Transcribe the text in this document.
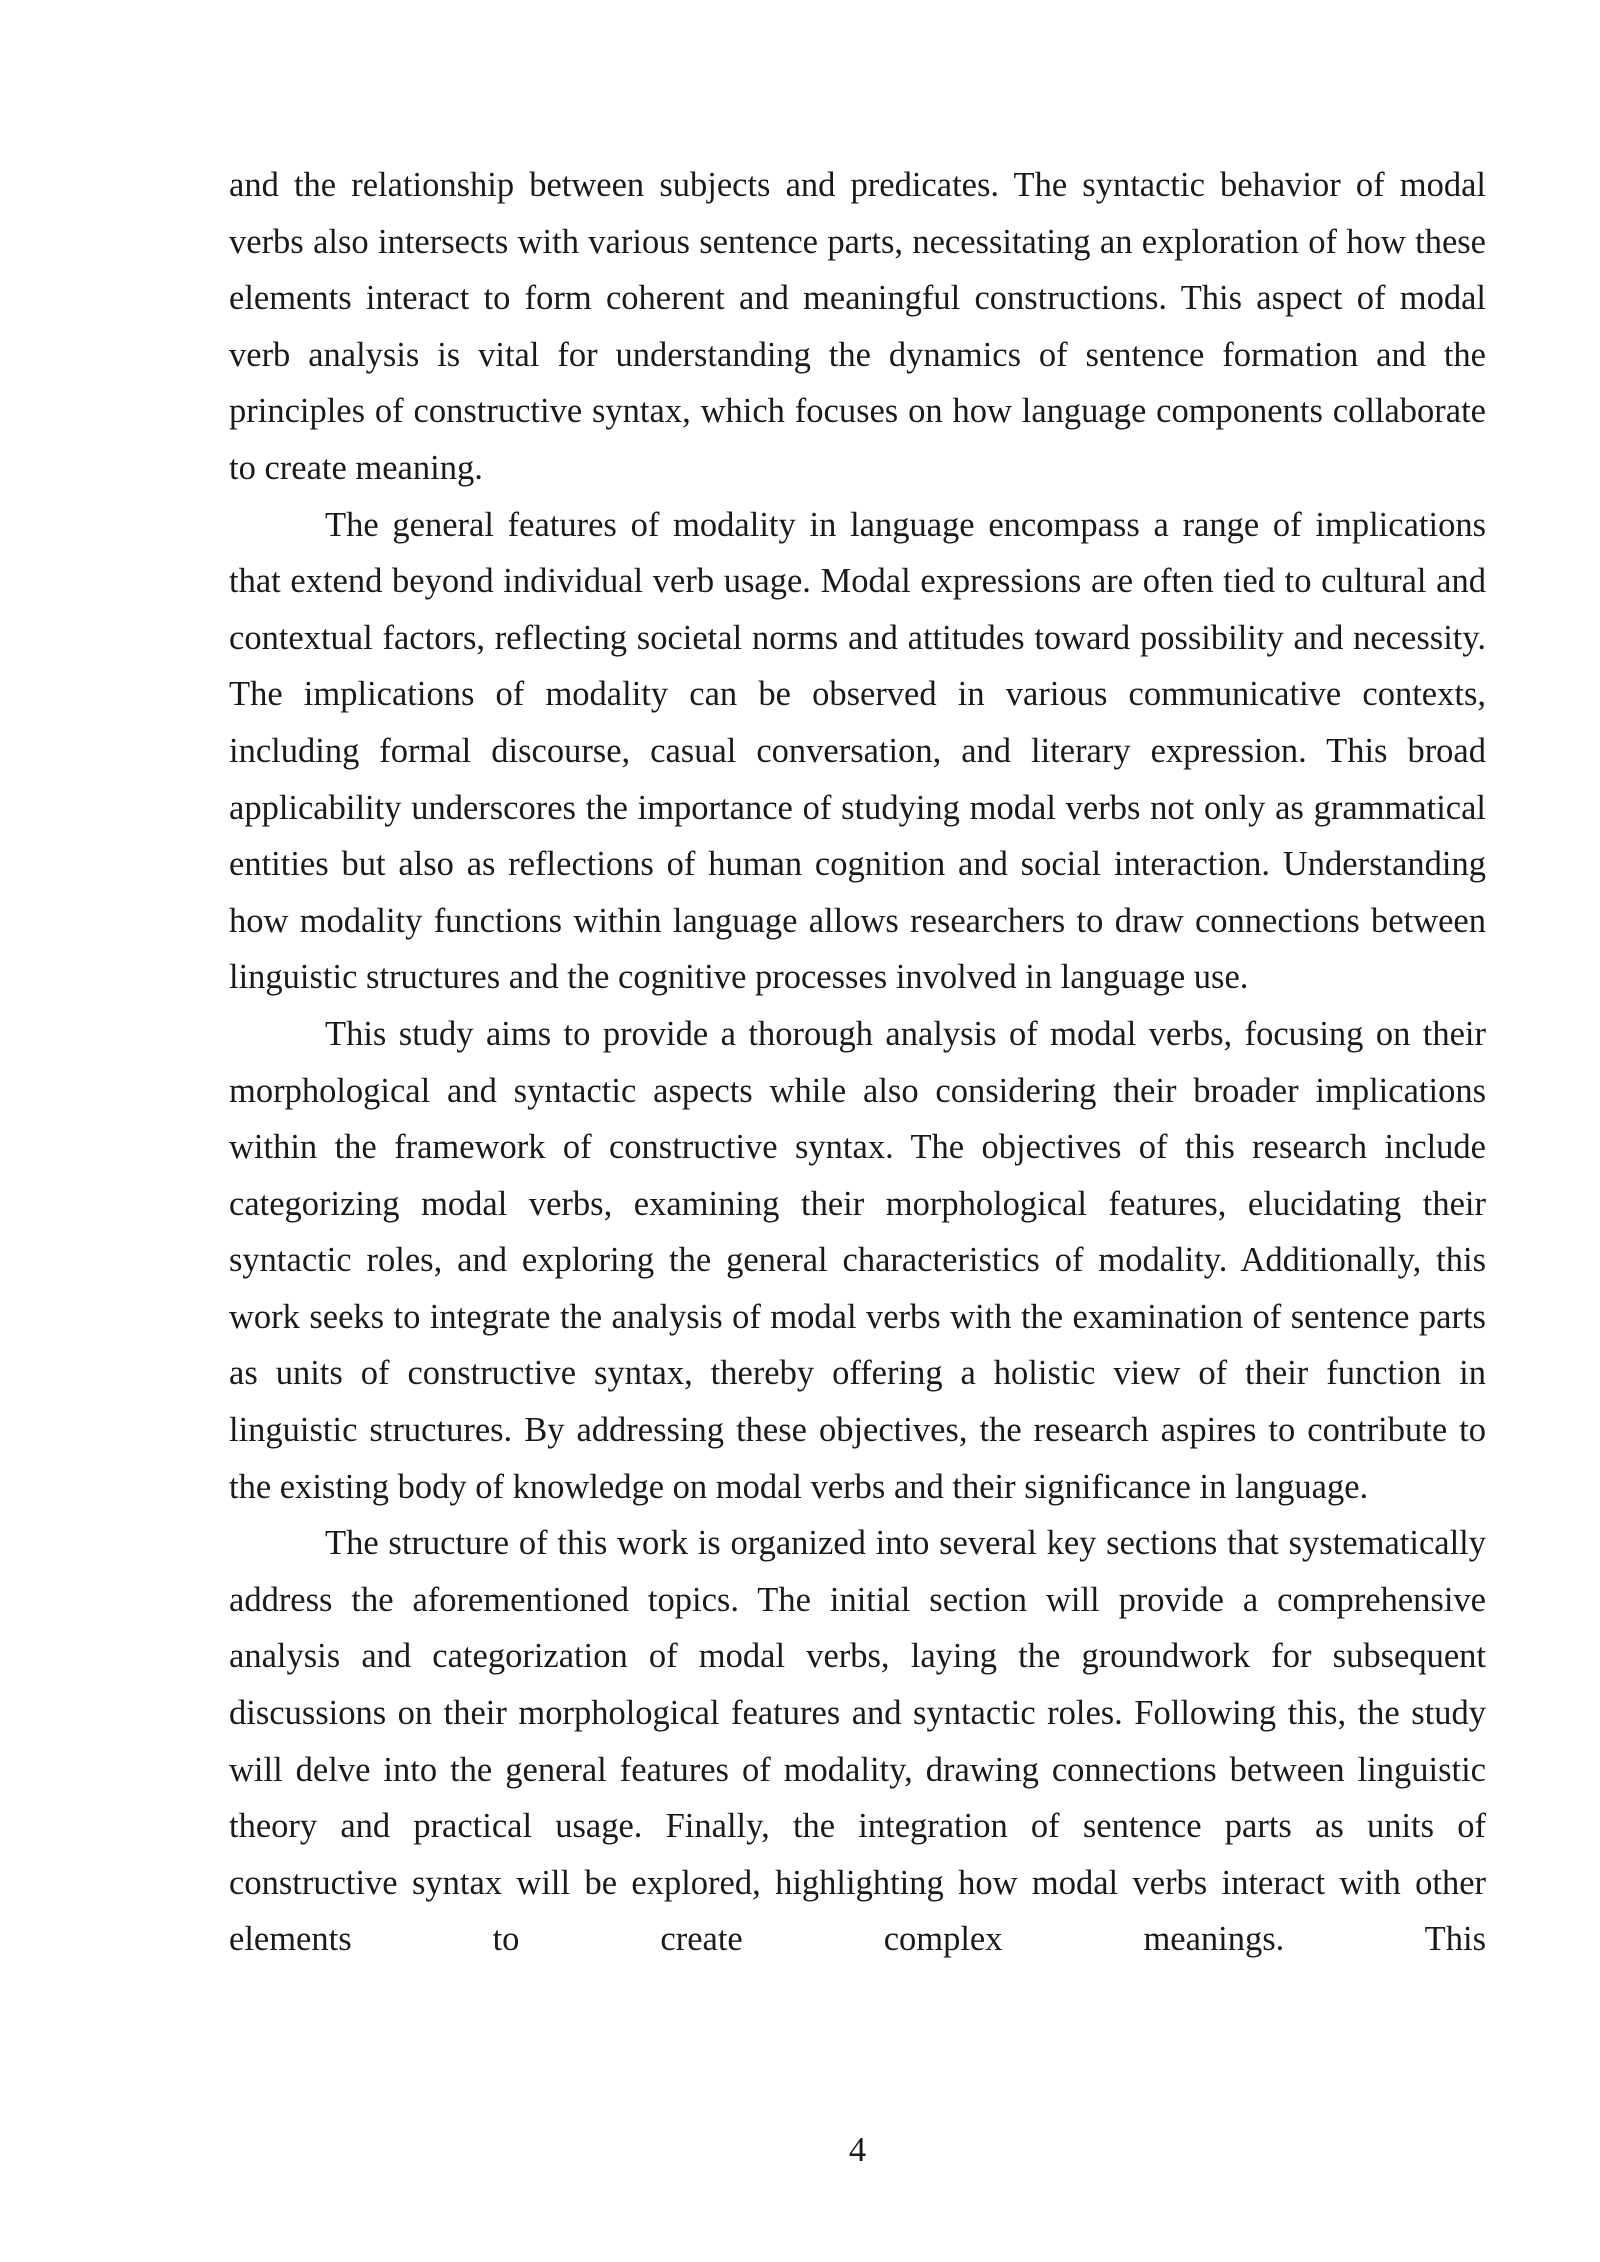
and the relationship between subjects and predicates. The syntactic behavior of modal verbs also intersects with various sentence parts, necessitating an exploration of how these elements interact to form coherent and meaningful constructions. This aspect of modal verb analysis is vital for understanding the dynamics of sentence formation and the principles of constructive syntax, which focuses on how language components collaborate to create meaning.

The general features of modality in language encompass a range of implications that extend beyond individual verb usage. Modal expressions are often tied to cultural and contextual factors, reflecting societal norms and attitudes toward possibility and necessity. The implications of modality can be observed in various communicative contexts, including formal discourse, casual conversation, and literary expression. This broad applicability underscores the importance of studying modal verbs not only as grammatical entities but also as reflections of human cognition and social interaction. Understanding how modality functions within language allows researchers to draw connections between linguistic structures and the cognitive processes involved in language use.

This study aims to provide a thorough analysis of modal verbs, focusing on their morphological and syntactic aspects while also considering their broader implications within the framework of constructive syntax. The objectives of this research include categorizing modal verbs, examining their morphological features, elucidating their syntactic roles, and exploring the general characteristics of modality. Additionally, this work seeks to integrate the analysis of modal verbs with the examination of sentence parts as units of constructive syntax, thereby offering a holistic view of their function in linguistic structures. By addressing these objectives, the research aspires to contribute to the existing body of knowledge on modal verbs and their significance in language.

The structure of this work is organized into several key sections that systematically address the aforementioned topics. The initial section will provide a comprehensive analysis and categorization of modal verbs, laying the groundwork for subsequent discussions on their morphological features and syntactic roles. Following this, the study will delve into the general features of modality, drawing connections between linguistic theory and practical usage. Finally, the integration of sentence parts as units of constructive syntax will be explored, highlighting how modal verbs interact with other elements to create complex meanings. This

4
